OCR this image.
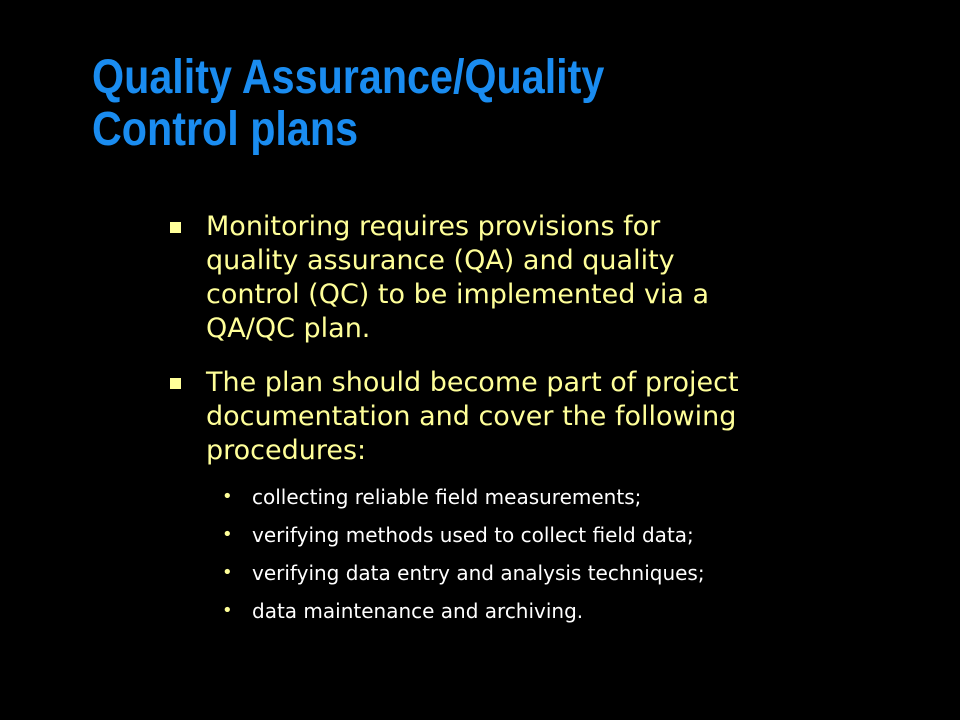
Quality Assurance/Quality
Control plans
Monitoring requires provisions for
quality assurance (QA) and quality
control (QC) to be implemented via a
QA/QC plan.
The plan should become part of project
documentation and cover the following
procedures:
• collecting reliable field measurements;
• verifying methods used to collect field data;
• verifying data entry and analysis techniques;
• data maintenance and archiving.
